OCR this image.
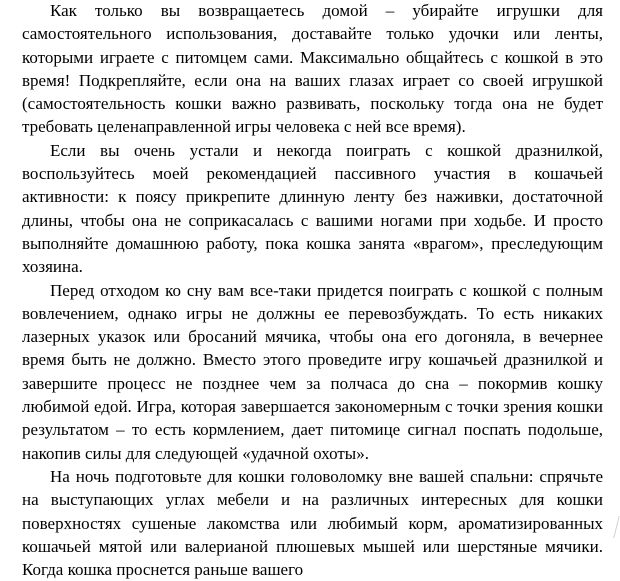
Как только вы возвращаетесь домой – убирайте игрушки для самостоятельного использования, доставайте только удочки или ленты, которыми играете с питомцем сами. Максимально общайтесь с кошкой в это время! Подкрепляйте, если она на ваших глазах играет со своей игрушкой (самостоятельность кошки важно развивать, поскольку тогда она не будет требовать целенаправленной игры человека с ней все время).

Если вы очень устали и некогда поиграть с кошкой дразнилкой, воспользуйтесь моей рекомендацией пассивного участия в кошачьей активности: к поясу прикрепите длинную ленту без наживки, достаточной длины, чтобы она не соприкасалась с вашими ногами при ходьбе. И просто выполняйте домашнюю работу, пока кошка занята «врагом», преследующим хозяина.

Перед отходом ко сну вам все-таки придется поиграть с кошкой с полным вовлечением, однако игры не должны ее перевозбуждать. То есть никаких лазерных указок или бросаний мячика, чтобы она его догоняла, в вечернее время быть не должно. Вместо этого проведите игру кошачьей дразнилкой и завершите процесс не позднее чем за полчаса до сна – покормив кошку любимой едой. Игра, которая завершается закономерным с точки зрения кошки результатом – то есть кормлением, дает питомице сигнал поспать подольше, накопив силы для следующей «удачной охоты».

На ночь подготовьте для кошки головоломку вне вашей спальни: спрячьте на выступающих углах мебели и на различных интересных для кошки поверхностях сушеные лакомства или любимый корм, ароматизированных кошачьей мятой или валерианой плюшевых мышей или шерстяные мячики. Когда кошка проснется раньше вашего
